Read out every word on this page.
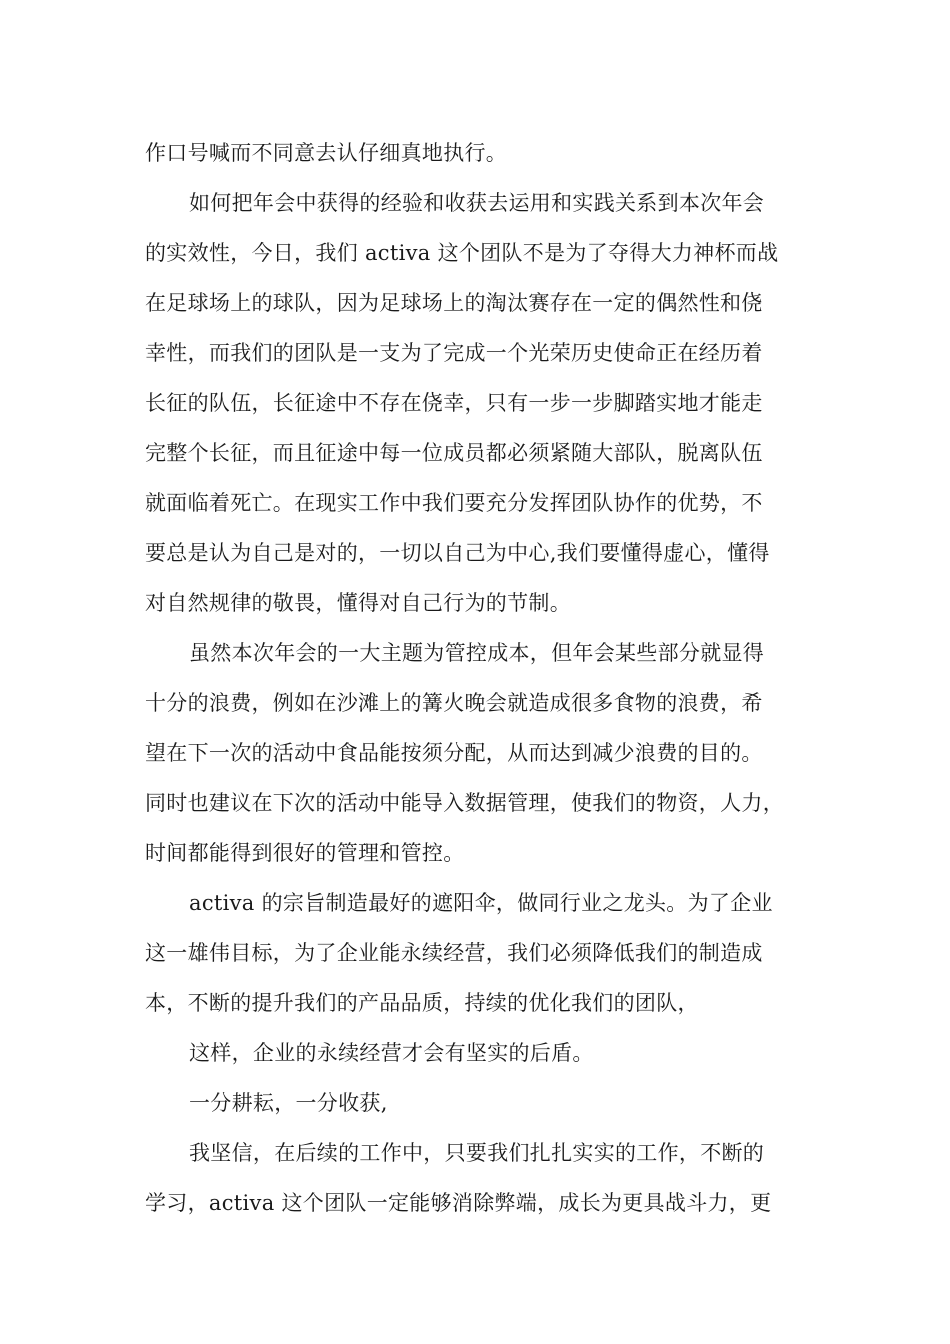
作口号喊而不同意去认仔细真地执行。
如何把年会中获得的经验和收获去运用和实践关系到本次年会
的实效性，今日，我们 activa 这个团队不是为了夺得大力神杯而战
在足球场上的球队，因为足球场上的淘汰赛存在一定的偶然性和侥
幸性，而我们的团队是一支为了完成一个光荣历史使命正在经历着
长征的队伍，长征途中不存在侥幸，只有一步一步脚踏实地才能走
完整个长征，而且征途中每一位成员都必须紧随大部队，脱离队伍
就面临着死亡。在现实工作中我们要充分发挥团队协作的优势，不
要总是认为自己是对的，一切以自己为中心,我们要懂得虚心，懂得
对自然规律的敬畏，懂得对自己行为的节制。
虽然本次年会的一大主题为管控成本，但年会某些部分就显得
十分的浪费，例如在沙滩上的篝火晚会就造成很多食物的浪费，希
望在下一次的活动中食品能按须分配，从而达到减少浪费的目的。
同时也建议在下次的活动中能导入数据管理，使我们的物资，人力，
时间都能得到很好的管理和管控。
activa 的宗旨制造最好的遮阳伞，做同行业之龙头。为了企业
这一雄伟目标，为了企业能永续经营，我们必须降低我们的制造成
本，不断的提升我们的产品品质，持续的优化我们的团队，
这样，企业的永续经营才会有坚实的后盾。
一分耕耘，一分收获,
我坚信，在后续的工作中，只要我们扎扎实实的工作，不断的
学习，activa 这个团队一定能够消除弊端，成长为更具战斗力，更
